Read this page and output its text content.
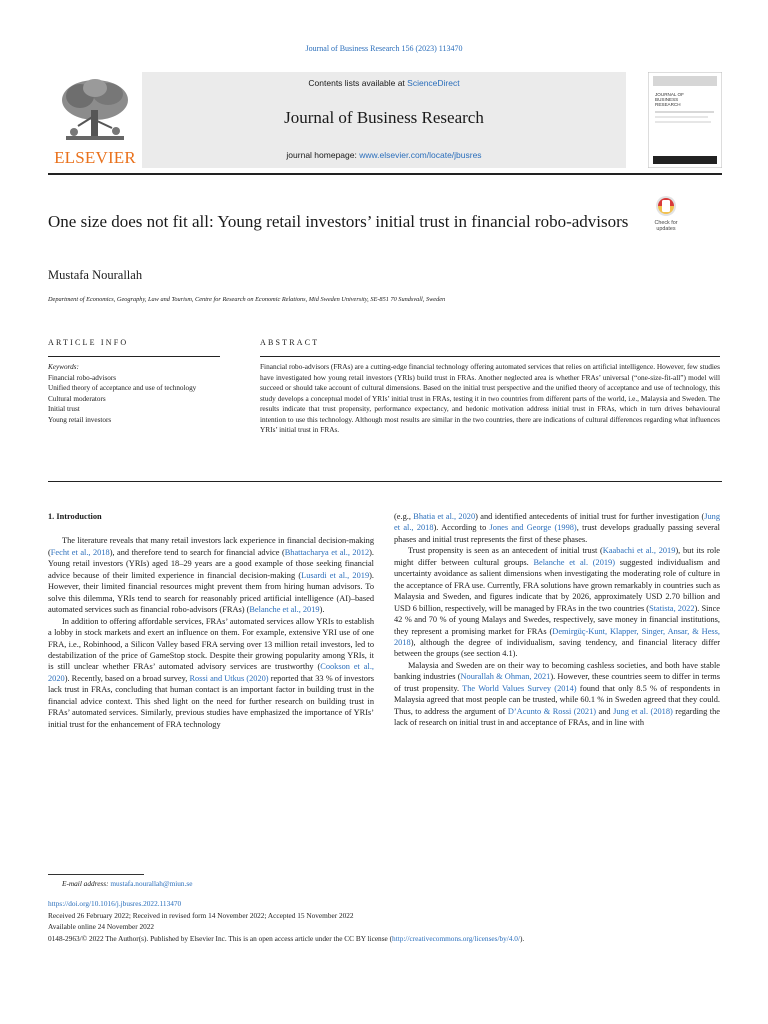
Journal of Business Research 156 (2023) 113470
ELSEVIER
Contents lists available at ScienceDirect
Journal of Business Research
journal homepage: www.elsevier.com/locate/jbusres
JOURNAL OF
BUSINESS
RESEARCH
One size does not fit all: Young retail investors’ initial trust in financial robo-advisors	Check for
updates
Mustafa Nourallah
Department of Economics, Geography, Law and Tourism, Centre for Research on Economic Relations, Mid Sweden University, SE-851 70 Sundsvall, Sweden
ARTICLE INFO	ABSTRACT
Keywords:
Financial robo-advisors
Unified theory of acceptance and use of technology
Cultural moderators
Initial trust
Young retail investors
Financial robo-advisors (FRAs) are a cutting-edge financial technology offering automated services that relies on artificial intelligence. However, few studies have investigated how young retail investors (YRIs) build trust in FRAs. Another neglected area is whether FRAs’ universal (“one-size-fit-all”) model will succeed or should take account of cultural dimensions. Based on the initial trust perspective and the unified theory of acceptance and use of technology, this study develops a conceptual model of YRIs’ initial trust in FRAs, testing it in two countries from different parts of the world, i.e., Malaysia and Sweden. The results indicate that trust propensity, performance expectancy, and hedonic motivation address initial trust in FRAs, which in turn drives behavioural intention to use this technology. Although most results are similar in the two countries, there are indications of cultural differences regarding what influences YRIs’ initial trust in FRAs.

1. Introduction

The literature reveals that many retail investors lack experience in financial decision-making (Fecht et al., 2018), and therefore tend to search for financial advice (Bhattacharya et al., 2012). Young retail investors (YRIs) aged 18–29 years are a good example of those seeking financial advice because of their limited experience in financial decision-making (Lusardi et al., 2019). However, their limited financial resources might prevent them from hiring human advisors. To solve this dilemma, YRIs tend to search for reasonably priced artificial intelligence (AI)–based automated services such as financial robo-advisors (FRAs) (Belanche et al., 2019).

In addition to offering affordable services, FRAs’ automated services allow YRIs to establish a lobby in stock markets and exert an influence on them. For example, extensive YRI use of one FRA, i.e., Robinhood, a Silicon Valley based FRA serving over 13 million retail investors, led to destabilization of the price of GameStop stock. Despite their growing popularity among YRIs, it is still unclear whether FRAs’ automated advisory services are trustworthy (Cookson et al., 2020). Recently, based on a broad survey, Rossi and Utkus (2020) reported that 33 % of investors lack trust in FRAs, concluding that human contact is an important factor in building trust in the financial advice context. This shed light on the need for further research on building trust in FRAs’ automated services. Similarly, previous studies have emphasized the importance of YRIs’ initial trust for the enhancement of FRA technology

(e.g., Bhatia et al., 2020) and identified antecedents of initial trust for further investigation (Jung et al., 2018). According to Jones and George (1998), trust develops gradually passing several phases and initial trust represents the first of these phases.

Trust propensity is seen as an antecedent of initial trust (Kaabachi et al., 2019), but its role might differ between cultural groups. Belanche et al. (2019) suggested individualism and uncertainty avoidance as salient dimensions when investigating the moderating role of culture in the acceptance of FRA use. Currently, FRA solutions have grown remarkably in countries such as Malaysia and Sweden, and figures indicate that by 2026, approximately USD 2.70 billion and USD 6 billion, respectively, will be managed by FRAs in the two countries (Statista, 2022). Since 42 % and 70 % of young Malays and Swedes, respectively, save money in financial institutions, they represent a promising market for FRAs (Demirgüç-Kunt, Klapper, Singer, Ansar, & Hess, 2018), although the degree of individualism, saving tendency, and financial literacy differ between the groups (see section 4.1).

Malaysia and Sweden are on their way to becoming cashless societies, and both have stable banking industries (Nourallah & Ohman, 2021). However, these countries seem to differ in terms of trust propensity. The World Values Survey (2014) found that only 8.5 % of respondents in Malaysia agreed that most people can be trusted, while 60.1 % in Sweden agreed that they could. Thus, to address the argument of D’Acunto & Rossi (2021) and Jung et al. (2018) regarding the lack of research on initial trust in and acceptance of FRAs, and in line with

E-mail address: mustafa.nourallah@miun.se
https://doi.org/10.1016/j.jbusres.2022.113470
Received 26 February 2022; Received in revised form 14 November 2022; Accepted 15 November 2022
Available online 24 November 2022
0148-2963/© 2022 The Author(s). Published by Elsevier Inc. This is an open access article under the CC BY license (http://creativecommons.org/licenses/by/4.0/).
